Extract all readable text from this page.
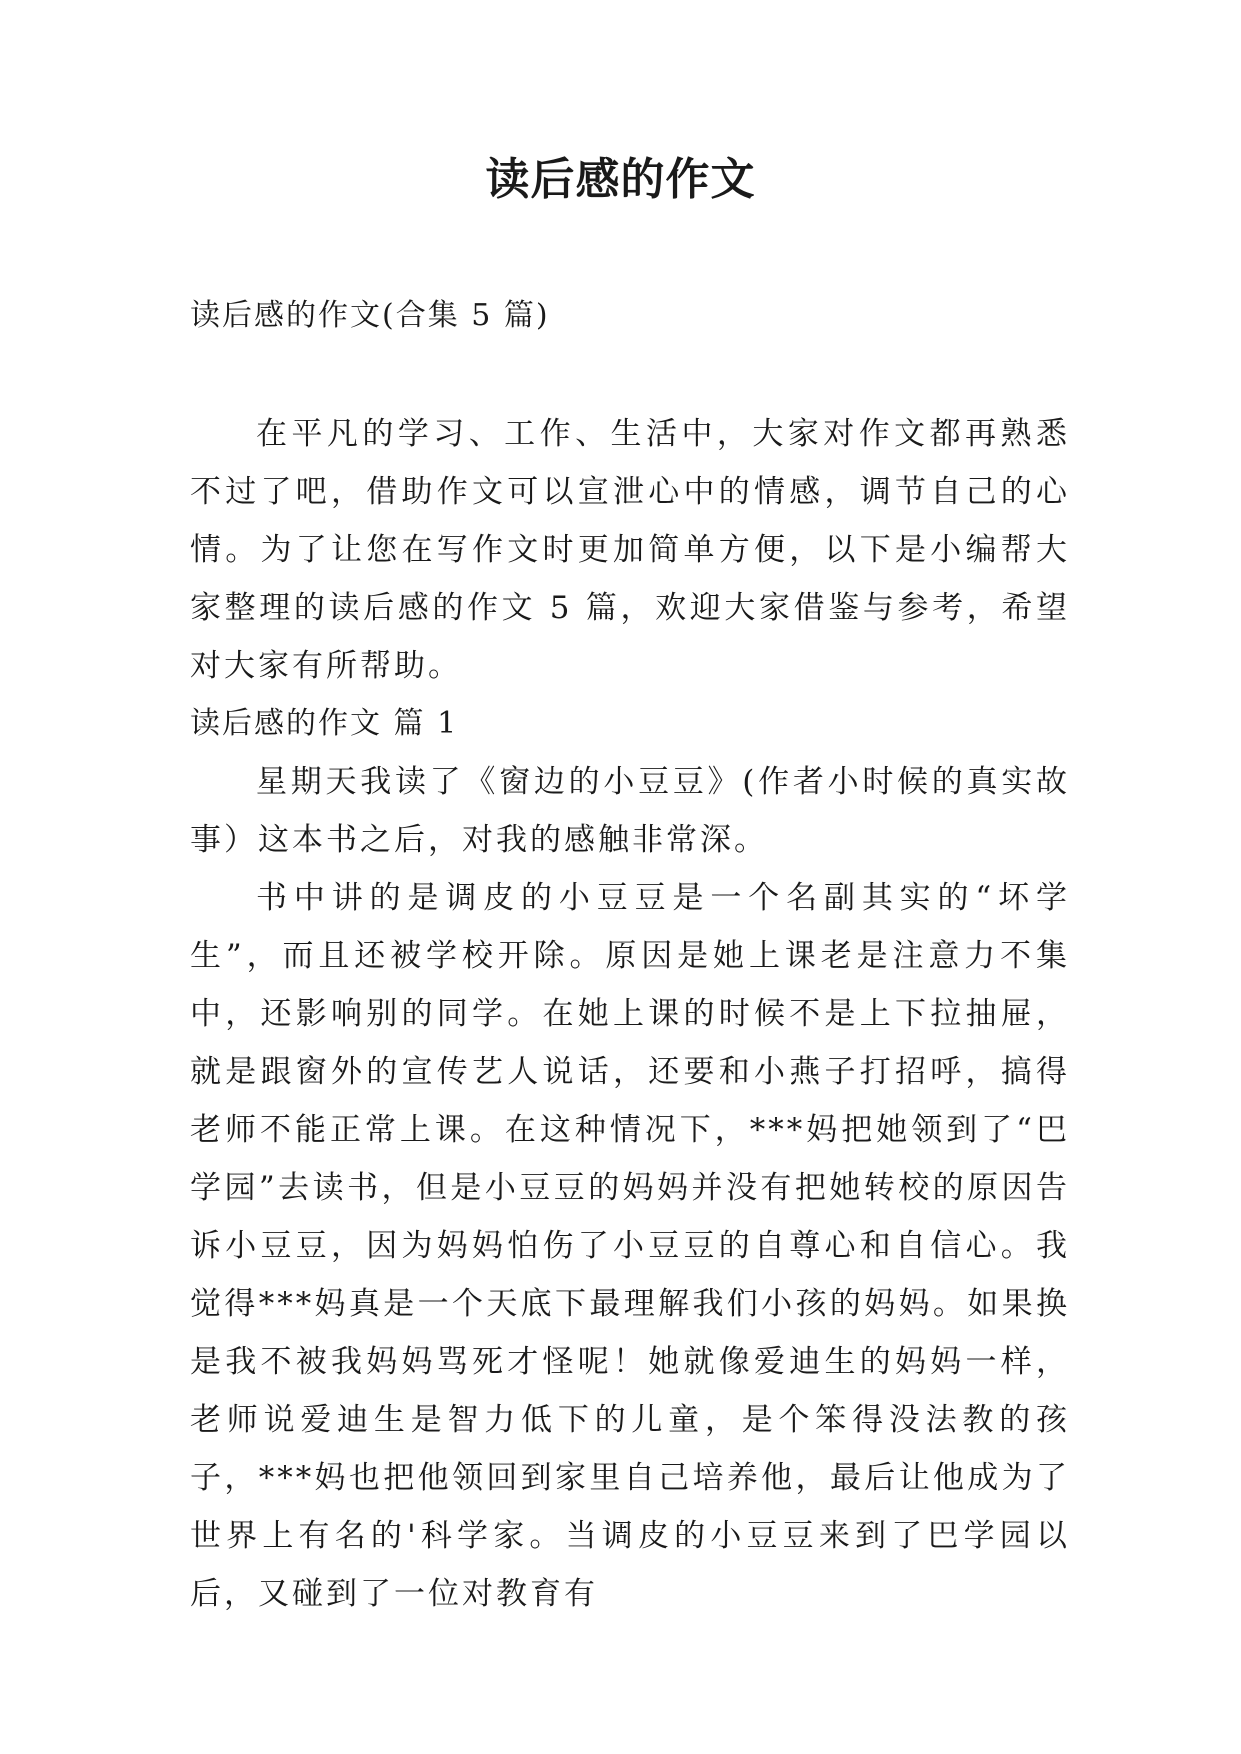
读后感的作文

读后感的作文(合集 5 篇)

在平凡的学习、工作、生活中，大家对作文都再熟悉不过了吧，借助作文可以宣泄心中的情感，调节自己的心情。为了让您在写作文时更加简单方便，以下是小编帮大家整理的读后感的作文 5 篇，欢迎大家借鉴与参考，希望对大家有所帮助。

读后感的作文 篇 1

星期天我读了《窗边的小豆豆》(作者小时候的真实故事）这本书之后，对我的感触非常深。

书中讲的是调皮的小豆豆是一个名副其实的“坏学生”，而且还被学校开除。原因是她上课老是注意力不集中，还影响别的同学。在她上课的时候不是上下拉抽屉，就是跟窗外的宣传艺人说话，还要和小燕子打招呼，搞得老师不能正常上课。在这种情况下，***妈把她领到了“巴学园”去读书，但是小豆豆的妈妈并没有把她转校的原因告诉小豆豆，因为妈妈怕伤了小豆豆的自尊心和自信心。我觉得***妈真是一个天底下最理解我们小孩的妈妈。如果换是我不被我妈妈骂死才怪呢！她就像爱迪生的妈妈一样，老师说爱迪生是智力低下的儿童，是个笨得没法教的孩子，***妈也把他领回到家里自己培养他，最后让他成为了世界上有名的'科学家。当调皮的小豆豆来到了巴学园以后，又碰到了一位对教育有
